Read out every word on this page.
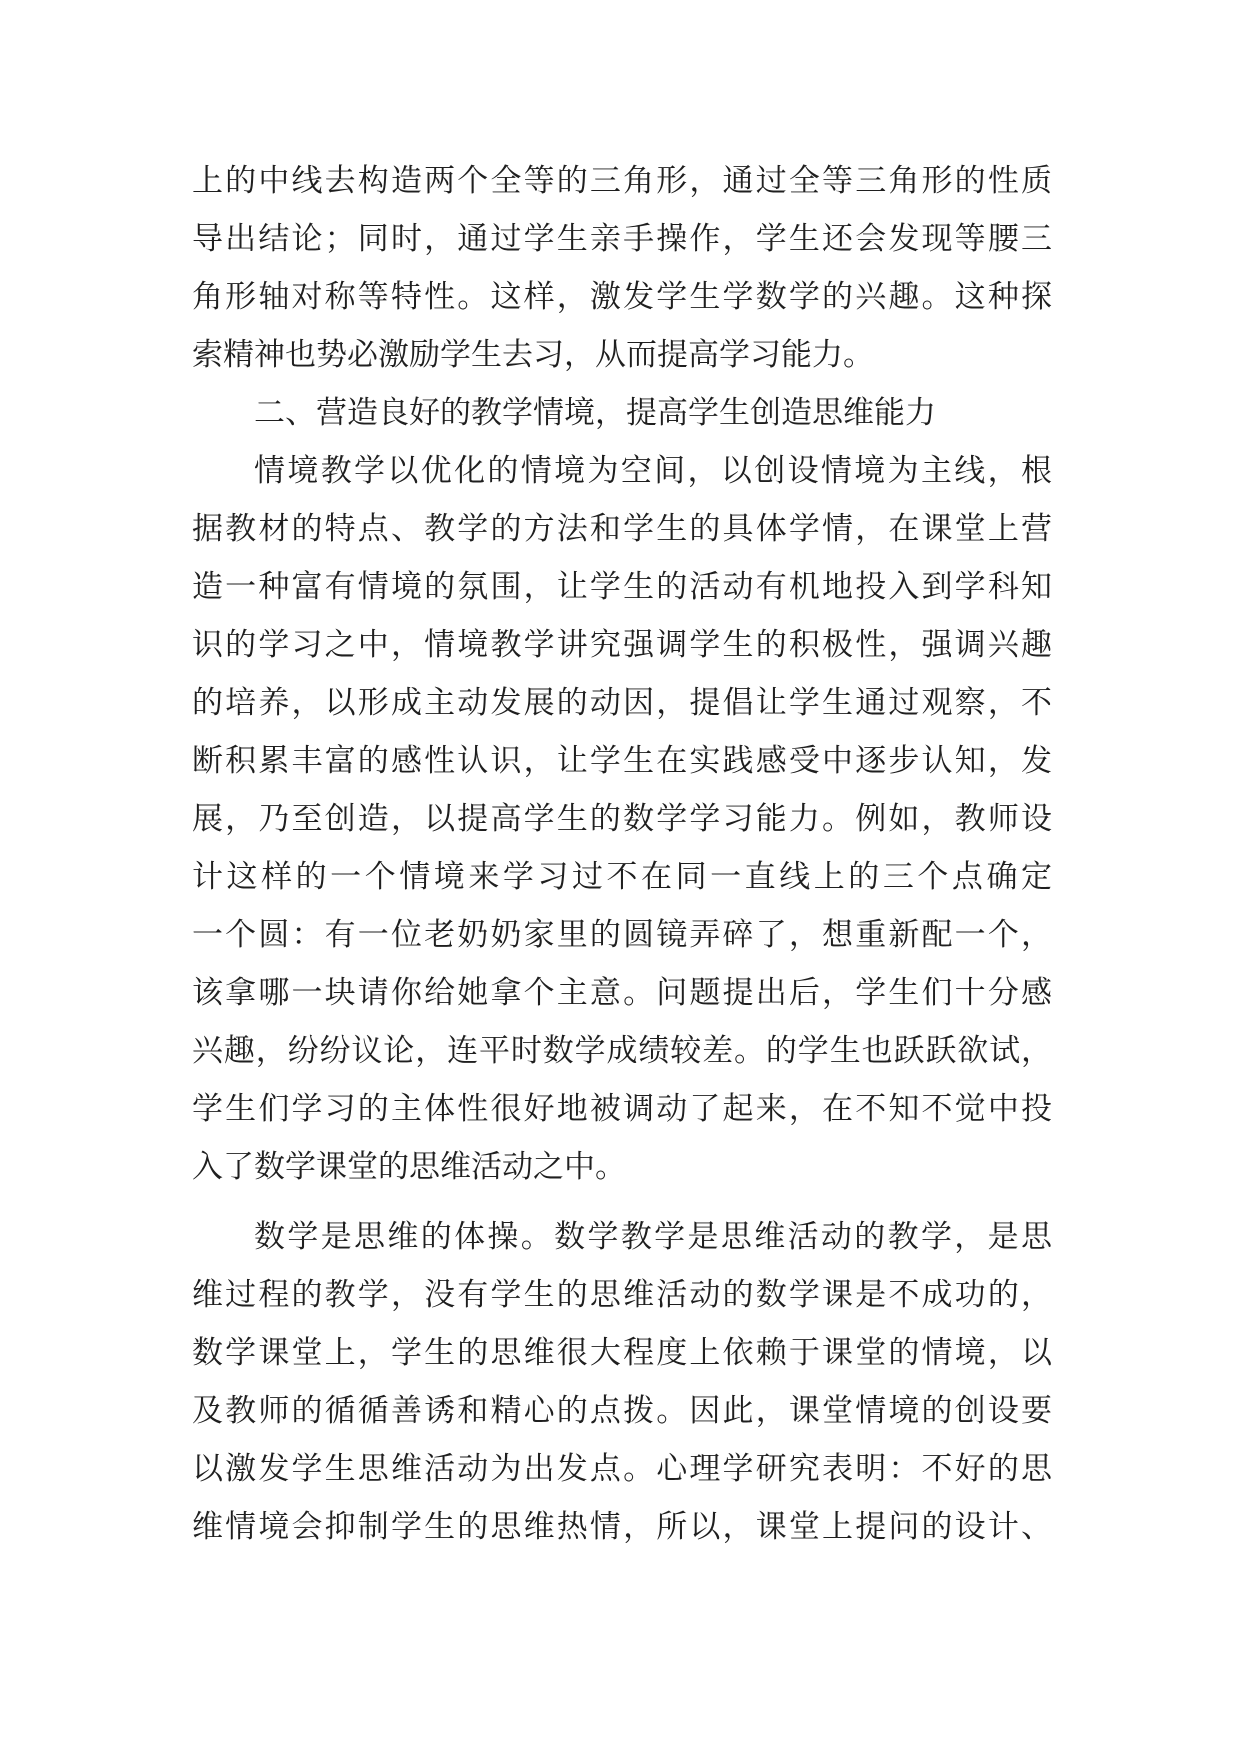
上的中线去构造两个全等的三角形，通过全等三角形的性质
导出结论；同时，通过学生亲手操作，学生还会发现等腰三
角形轴对称等特性。这样，激发学生学数学的兴趣。这种探
索精神也势必激励学生去习，从而提高学习能力。
二、营造良好的教学情境，提高学生创造思维能力
情境教学以优化的情境为空间，以创设情境为主线，根
据教材的特点、教学的方法和学生的具体学情，在课堂上营
造一种富有情境的氛围，让学生的活动有机地投入到学科知
识的学习之中，情境教学讲究强调学生的积极性，强调兴趣
的培养，以形成主动发展的动因，提倡让学生通过观察，不
断积累丰富的感性认识，让学生在实践感受中逐步认知，发
展，乃至创造，以提高学生的数学学习能力。例如，教师设
计这样的一个情境来学习过不在同一直线上的三个点确定
一个圆：有一位老奶奶家里的圆镜弄碎了，想重新配一个，
该拿哪一块请你给她拿个主意。问题提出后，学生们十分感
兴趣，纷纷议论，连平时数学成绩较差。的学生也跃跃欲试，
学生们学习的主体性很好地被调动了起来，在不知不觉中投
入了数学课堂的思维活动之中。
数学是思维的体操。数学教学是思维活动的教学，是思
维过程的教学，没有学生的思维活动的数学课是不成功的，
数学课堂上，学生的思维很大程度上依赖于课堂的情境，以
及教师的循循善诱和精心的点拨。因此，课堂情境的创设要
以激发学生思维活动为出发点。心理学研究表明：不好的思
维情境会抑制学生的思维热情，所以，课堂上提问的设计、
